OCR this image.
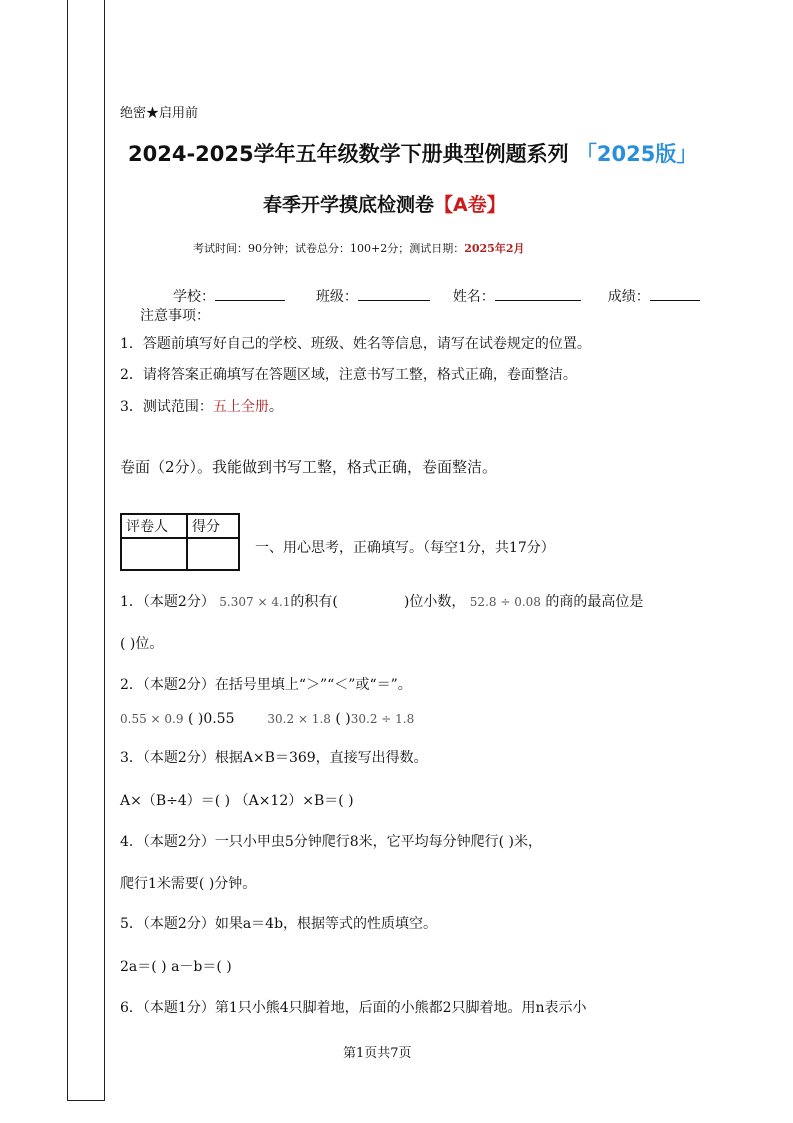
绝密★启用前
2024-2025学年五年级数学下册典型例题系列 「2025版」
春季开学摸底检测卷【A卷】
考试时间：90分钟；试卷总分：100+2分；测试日期：2025年2月
学校：	班级：	姓名：	成绩：
注意事项：
1．答题前填写好自己的学校、班级、姓名等信息，请写在试卷规定的位置。
2．请将答案正确填写在答题区域，注意书写工整，格式正确，卷面整洁。
3．测试范围：五上全册。
卷面（2分）。我能做到书写工整，格式正确，卷面整洁。
评卷人	得分

一、用心思考，正确填写。（每空1分，共17分）
1．（本题2分） 5.307 × 4.1的积有(	)位小数， 52.8 ÷ 0.08 的商的最高位是
( )位。
2．（本题2分）在括号里填上“＞”“＜”或“＝”。
0.55 × 0.9 ( )0.55	30.2 × 1.8 ( )30.2 ÷ 1.8
3．（本题2分）根据A×B＝369，直接写出得数。
A×（B÷4）＝( ) （A×12）×B＝( )
4．（本题2分）一只小甲虫5分钟爬行8米，它平均每分钟爬行( )米，
爬行1米需要( )分钟。
5．（本题2分）如果a＝4b，根据等式的性质填空。
2a＝( ) a－b＝( )
6．（本题1分）第1只小熊4只脚着地，后面的小熊都2只脚着地。用n表示小
第1页共7页
